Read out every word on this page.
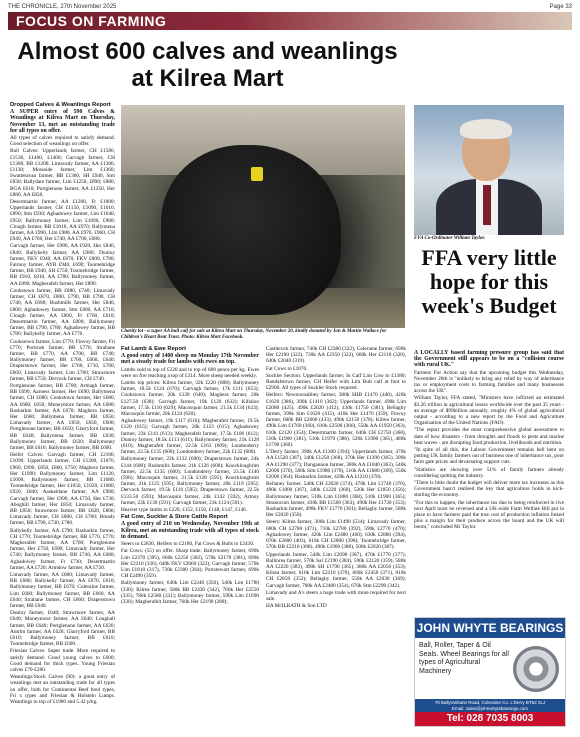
THE CHRONICLE, 27th November 2025	Page 33
FOCUS ON FARMING
Almost 600 calves and weanlings at Kilrea Mart

Dropped Calves & Weanlings Report

A SUPER entry of 590 Calves & Weanlings at Kilrea Mart on Thursday, November 13, met an outstanding trade for all types on offer.

All types of calves required to satisfy demand. Good selection of weanlings on offer.

Bull Calves: Upperlands farmer, CH £1580, £1536, £1460, £1400; Garvagh farmer, CH £1380, BB £1200. Limavady farmer, AA £1300, £1130; Mossside farmer, Lim £1360; Swatteravan farmer, BB £1360, SH £940, Sim £830; Ballydare farmer, Lim £1250, £890; £880, BGA £610; Portglenone farmer, AA £1250, Her £880, AA £850.

Desertmartin farmer, AA £1200, Fr £1000; Upperlands farmer, CH £1150, £1090, £1010, £890; Stm £930; Aghadowey farmer, Lim £1040, £950; Ballymoney farmer, Lim £1090, £900; Clough farmer, BB £1010, AA £970; Ballymena farmer, AA £990, Lim £980, AA £970, £960, CH £940, AA £760, Her £740, AA £700, £680.

Garvagh farmer, Her £980, AA £920, Her £840, £840; Ballykelly farmer, AA £980; Dunloy farmer, FKV £940, AA £870, FKV £800, £780; Fairnoy farmer, AYR £940, £690; Toomebridge farmer, BB £940, SH £750; Toomebridge farmer, BB £910, £810, AA £780; Ballymoney farmer, AA £890; Magherafelt farmer, Her £890.

Cookstown farmer, BB £880, £740; Limavady farmer, CH £870, £800, £790, BB £790, CH £740, AA £680; Bushmills farmer, Her £840, £800; Aghadowey farmer, Stm £800, AA £710; Clough farmer, AA £800, Fr £760, £610; Desertmartin farmer, AA £800; Ballymoney farmer, BB £790, £780; Aghadowey farmer, BB £780; Ballykelly farmer, AA £770.

Cookstown farmer, Lim £770; Finvoy farmer, Fri £770; Portrush farmer, BB £770; Strabane farmer, BB £770, AA £700, BB £740; Ballymoney farmer, BB £760, £660, £640; Draperstown farmer, Her £760, £710, £700, £660; Limavady farmer, Lim £760; Strawmore farmer, BB £750; Dervock farmer, CH £740.

Portglenone farmer, BB £700; Armagh farmer, BB £690; Aarness farmer, Her £690; Ballymena farmer, CH £680; Cookstown farmer, Her £680, AA £680, £650; Moneymore farmer, AA £680; Rasharkin farmer, AA £670; Maghera farmer, Her £660; Ballymena farmer, BB £650; Limavady farmer, AA £650, £650, £600; Portglenone farmer, BB £650; Glarryford farmer, BB £640; Ballymena farmer, BB £630; Ballymoney farmer, BB £630; Ballymoney farmer, BB £610; Ballymoney farmer, BB £600.

Heifer Calves: Garvagh farmer, CH £2100, £1090; Upperlands farmer, CH £1200, £1070, £960, £990, £850, £860, £750; Maghera farmer, Her £1090; Ballymoney farmer, Lim £1120, £1000; Ballymoney farmer, BB £1080; Toomebridge farmer, Her £1050, £1020, £1000, £920, £840; Aaskeldane farmer, AA £900; Garvagh farmer, Her £990, AA £750, Her £730; Aboghill farmer, Her £850; Limavady farmer, BB £850; Strawmore farmer, BB £820, £800; Limavady farmer, CH £800, CH £760; Bready farmer, BB £790, £730, £780.

Ballykelly farmer, AA £790; Rasharkin farmer, CH £770; Toomebridge farmer, BB £770, £770; Magherafelt farmer, AA £760; Portglenone farmer, Her £750, £690; Limavady farmer, Her £740; Ballymoney farmer, BB £740, AA £680; Aghadowey farmer, Fr £730; Desertmartin farmer, AA £720; Armdow farmer, AA £720.

Limavady farmer, AA £680; Limavady farmer, BB £680; Ballykelly farmer, AA £670, £610; Ballymoney farmer, BB £670; Coleraine farmer, Lim £660; Ballymoney farmer, BB £660, AA £640; Strabane farmer, CH £660; Draperstown farmer, BB £640.

Dunloy farmer, £640; Strawmore farmer, AA £640; Moneymore farmer, AA £640; Loughall farmer, BB £640; Portglenone farmer, AA £620; Antrim farmer, AA £620; Glarryford farmer, BB £610; Ballymoney farmer, BB £610; Toomebridge farmer, BB £600.

Friesian Calves: Super trade. More required to satisfy demand. Good young calves to £600; Good demand for thick types. Young Friesian calves £70-£200.

Weanlings/Stock Calves (90): a great entry of weanlings met an outstanding trade for all types on offer, both for Continental Beef bred types, Fri x types and Friesian & Holstein Lumps. Weanlings to top of £1900 and 5.42 p/kg.

Charity lot - a super AA bull calf for sale at Kilrea Mart on Thursday, November 20, kindly donated by Jon & Martin Wallace for Children's Heart Beat Trust. Photo: Kilrea Mart Facebook.

Fat Lamb & Ewe Report

A good entry of 1400 sheep on Monday 17th November met a steady trade for lambs with ewes on top.

Lambs sold to top of £220 and to top of 688 pence per kg. Ewes were on fire reaching a top of £314. More sheep needed weekly.

Lambs top prices: Kilrea farmer, 32k £220 (688); Ballymoney farmer, 18.5k £124 (670); Garvagh farmer, 17k £111 (653); Cookstown farmer, 20k £128 (640); Maghera farmer, 20k £127.50 (638); Garvagh farmer, 19k £120 (632); Killaloo farmer, 17.5k £110 (629); Macosquin farmer, 21.5k £134 (623); Macosquin farmer, 20k £124 (620).

Aghadowey farmer, 19k £117 (616); Magherafelt farmer, 19.5k £120 (615); Garvagh farmer, 20k £123 (615); Aghadowey farmer, 23k £141 (613); Magherafelt farmer, 17.5k £106 (612); Dunloy farmer, 18.5k £113 (611); Ballymoney farmer, 21k £128 (610); Magherafelt farmer, 22.5k £163 (609); Londonderry farmer, 22.5k £135 (600); Londonderry farmer, 22k £132 (600).

Ballymoney farmer, 22k £132 (600); Draperstown farmer, 24k £144 (600); Bushmills farmer, 21k £126 (600); Knockloughrim farmer, 22.5k £135 (600); Londonderry farmer, 23.5k £140 (596); Macosquin farmer, 21.5k £128 (595); Knockloughrim farmer, 21k £125 (595); Ballymoney farmer, 20k £119 (595); Dervock farmer, 19.5k £116 (595); Draperstown farmer, 22.5k £133.50 (593); Macosquin farmer, 24k £142 (592); Armoy farmer, 22k £130 (591); Garvagh farmer, 21k £124 (591).

Heavier type lambs to £220, £152, £150, £148, £147, £146.

Fat Cow, Suckler & Store Cattle Report

A good entry of 210 on Wednesday, November 19th at Kilrea, met an outstanding trade with all types of stock in demand.

Steers to £2830, Heifers to £2180, Fat Cows & Bulls to £2430.

Fat Cows: (55) on offer. Sharp trade. Ballymoney farmer, 690k Lim £2370 (395), 660k £2250 (382), 570k £2170 (381), 690k Her £2210 (336), 640k FKV £2060 (322); Garvagh farmer, 570k Lim £1810 (317), 730k £2300 (364); Portstewart farmer, 690k CH £2490 (359).

Ballymoney farmer, 640k Lim £2240 (350), 540k Lim £1780 (330); Kilrea farmer, 580k BB £2430 (342), 760k Her £2550 (335), 780k £2580 (331); Ballymoney farmer, 590k Lim £1690 (330); Magherafelt farmer, 760k Her £2190 (288);

Castlerock farmer, 740k CH £2380 (322); Coleraine farmer, 690k Her £2190 (322), 730k AA £2350 (322), 660k Her £2110 (320), 640k £2040 (319).

Fat Cows to £1870.

Suckler Section: Upperlands farmer, In Calf Lim Cow to £1380; Randalstown farmer, CH Heifer with Lim Bull calf at foot to £2900. All types of Suckler Stock required.

Heifers: Newtownabbey farmer, 380k SHB £1470 (446), 420k £1620 (386), 390k £1410 (362); Upperlands farmer, 490k Lim £2080 (425), 490k £2020 (412), 430k £1750 (381); Bellaghy farmer, 390k Sim £1620 (415), 410k Her £1470 (359); Finvoy farmer, 600k BB £2600 (433), 490k £2150 (378); Kilrea farmer, 490k Lim £1760 (360), 610k £2500 (366), 550k AA £1950 (363), 610k £2120 (354); Desertmartin farmer, 640k CH £2750 (368), 510k £1900 (381), 510k £1970 (386), 520k £1900 (365), 480k £1790 (360).

L'Derry farmer, 390k AA £1300 (394); Upperlands farmer, 470k AA £1520 (387), 340k £1250 (368), 370k Her £1390 (365), 390k AA £1290 (377); Dungannon farmer, 380k AA £1840 (363), 540k £2000 (370), 500k Sim £1980 (370), 510k AA £1880 (369), 550k £2000 (364); Rasharkin farmer, 420k AA £1210 (378).

Bellaney farmer, 540k CH £2020 (374), 470k Lim £1740 (370), 490k £1800 (367), 340k £1220 (360), 520k Her £1850 (356); Ballymoney farmer, 510k Lim £1880 (368), 510k £1900 (365); Stranocum farmer, 430k BB £1560 (363), 490k Her £1730 (353); Rasharkin farmer, 490k FKV £1770 (361); Bellaghy farmer, 580k Her £2020 (350).

Steers: Kilrea farmer, 300k Lim £1490 (534); Limavady farmer, 600k CH £2780 (471), 710k £2780 (392), 590k £2770 (470); Aghadowey farmer, 420k Lim £2480 (460), 630k £2880 (394), 670k £2680 (403), 610k CH £2860 (398); Toomebridge farmer, 570k BB £2210 (388), 490k £1900 (388), 500k £2020 (387).

Upperlands farmer, 540k Lim £2090 (387), 470k £1770 (377); Ballinrea farmer, 570k Sal £2190 (384), 590k £2120 (359), 580k AA £2220 (383), 490k SH £1790 (365), 380k AA £2050 (353); Kilrea farmer, 610k Lim £2210 (370), 660k £2450 (371), 810k CH £2850 (352); Bellaghy farmer, 550k AA £2030 (369); Garvagh farmer, 700k AA £2480 (354), 670k Stm £2290 (342).

Limavady and A's steers a huge trade with more required for next sale.

HA McILRATH & Son LTD

FFA Co-Ordinator William Taylor.
FFA very little hope for this week's Budget

A LOCALLY based farming pressure group has said that the Government still appears to be on a "collision course with rural UK."

Farmers For Action say that the upcoming budget this Wednesday, November 26th is "unlikely to bring any relief by way of inheritance tax or employment costs to farming families and many businesses across the UK".

William Taylor, FFA stated, "Ministers have inflicted an estimated $3.26 trillion in agricultural losses worldwide over the past 35 years - an average of $99billion annually, roughly 4% of global agricultural output - according to a new report by the Food and Agriculture Organisation of the United Nations (FAO).

"The report provides the most comprehensive global assessment to date of how disasters - from droughts and floods to pests and marine heat waves - are disrupting food production, livelihoods and nutrition.

"In spite of all this, the Labour Government remains hell bent on putting UK family farmers out of business one of inheritance tax, poor farm gate prices and devastating support cuts.

"Statistics are showing over 51% of family farmers already considering quitting the industry.

"There is little doubt the budget will deliver more tax increases as this Government hasn't realised the key that agriculture holds in kick-starting the economy.

"For this to happen, the inheritance tax due to being reinforced in live next April must be reversed and a UK-wide Farm Welfare Bill put in place to have farmers paid the true cost of production inflation linked plus a margin for their produce across the board and the UK will boom," concluded Mr Taylor.

JOHN WHYTE BEARINGS
Ball, Roller, Taper & Oil Seals. Wheel Bearings for all types of Agricultural Machinery
78 Ballyrashane Road, Coleraine Co. L'Derry BT52 2LJ
Email: sales@johnwhytebearings.com
Tel: 028 7035 8003
